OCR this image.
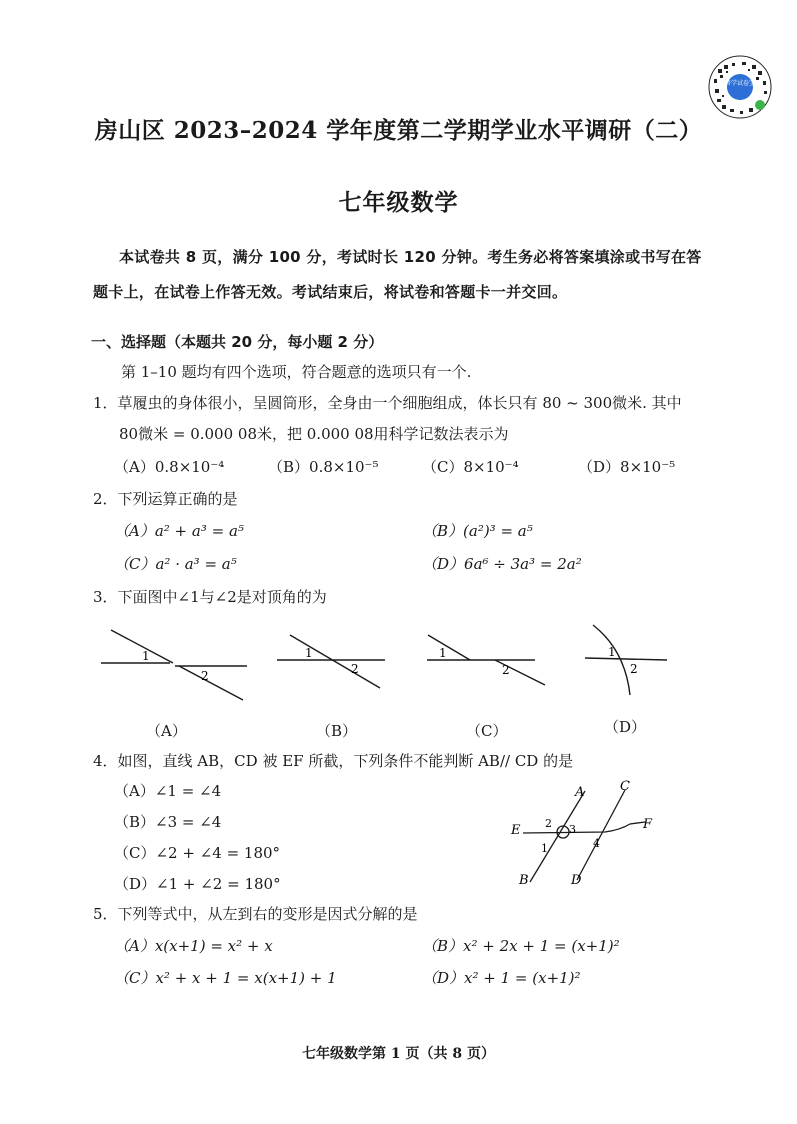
普学试卷宝
房山区 2023–2024 学年度第二学期学业水平调研（二）
七年级数学
本试卷共 8 页，满分 100 分，考试时长 120 分钟。考生务必将答案填涂或书写在答
题卡上，在试卷上作答无效。考试结束后，将试卷和答题卡一并交回。
一、选择题（本题共 20 分，每小题 2 分）
第 1–10 题均有四个选项，符合题意的选项只有一个.
1．草履虫的身体很小，呈圆筒形，全身由一个细胞组成，体长只有 80 ~ 300微米. 其中
80微米 = 0.000 08米，把 0.000 08用科学记数法表示为
（A）0.8×10⁻⁴	（B）0.8×10⁻⁵	（C）8×10⁻⁴	（D）8×10⁻⁵
2．下列运算正确的是
（A）a² + a³ = a⁵	（B）(a²)³ = a⁵
（C）a² · a³ = a⁵	（D）6a⁶ ÷ 3a³ = 2a²
3．下面图中∠1与∠2是对顶角的为
1
2
1
2
1
2
1
2
（A）	（B）	（C）	（D）
4．如图，直线 AB，CD 被 EF 所截，下列条件不能判断 AB// CD 的是
（A）∠1 = ∠4
（B）∠3 = ∠4
（C）∠2 + ∠4 = 180°
（D）∠1 + ∠2 = 180°
A
B
C
D
E	F
1
2 3
4
5．下列等式中，从左到右的变形是因式分解的是
（A）x(x+1) = x² + x	（B）x² + 2x + 1 = (x+1)²
（C）x² + x + 1 = x(x+1) + 1	（D）x² + 1 = (x+1)²
七年级数学第 1 页（共 8 页）
